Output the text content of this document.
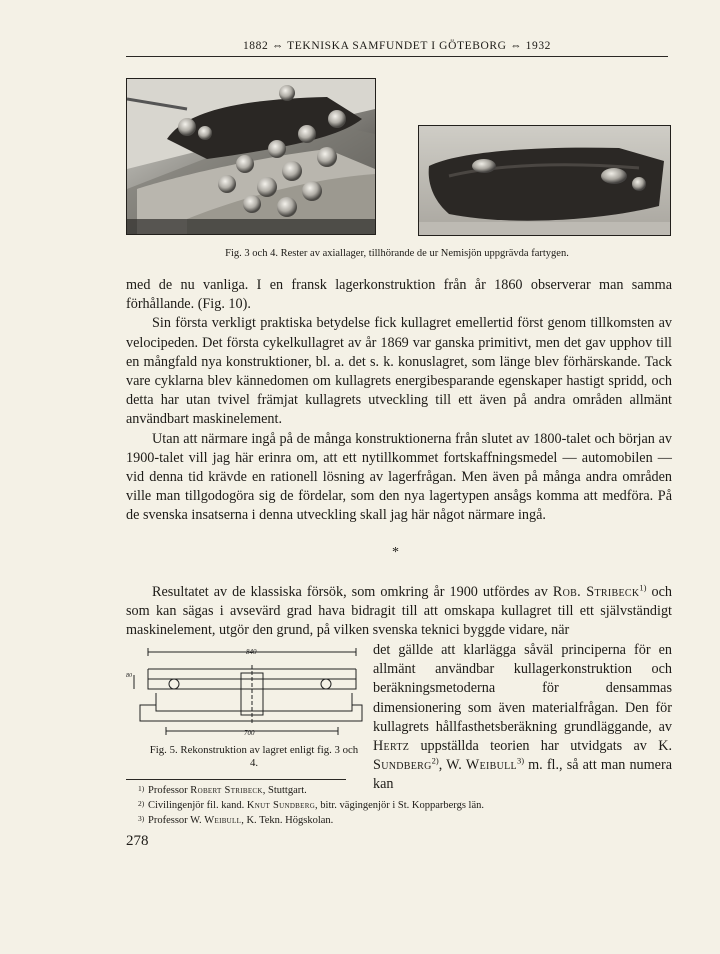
1882 ⇔ TEKNISKA SAMFUNDET I GÖTEBORG ⇔ 1932
Fig. 3 och 4. Rester av axiallager, tillhörande de ur Nemisjön uppgrävda fartygen.

med de nu vanliga. I en fransk lagerkonstruktion från år 1860 observerar man samma förhållande. (Fig. 10).

Sin första verkligt praktiska betydelse fick kullagret emellertid först genom tillkomsten av velocipeden. Det första cykelkullagret av år 1869 var ganska primitivt, men det gav upphov till en mångfald nya konstruktioner, bl. a. det s. k. konuslagret, som länge blev förhärskande. Tack vare cyklarna blev kännedomen om kullagrets energibesparande egenskaper hastigt spridd, och detta har utan tvivel främjat kullagrets utveckling till ett även på andra områden allmänt användbart maskinelement.

Utan att närmare ingå på de många konstruktionerna från slutet av 1800-talet och början av 1900-talet vill jag här erinra om, att ett nytillkommet fortskaffningsmedel — automobilen — vid denna tid krävde en rationell lösning av lagerfrågan. Men även på många andra områden ville man tillgodogöra sig de fördelar, som den nya lagertypen ansågs komma att medföra. På de svenska insatserna i denna utveckling skall jag här något närmare ingå.

*

Resultatet av de klassiska försök, som omkring år 1900 utfördes av Rob. Stribeck$^{1)}$ och som kan sägas i avsevärd grad hava bidragit till att omskapa kullagret till ett självständigt maskinelement, utgör den grund, på vilken svenska teknici byggde vidare, när

det gällde att klarlägga såväl principerna för en allmänt användbar kullagerkonstruktion och beräkningsmetoderna för densammas dimensionering som även materialfrågan. Den för kullagrets hållfasthetsberäkning grundläggande, av Hertz uppställda teorien har utvidgats av K. Sundberg$^{2)}$, W. Weibull$^{3)}$ m. fl., så att man numera kan

840
80
700
Fig. 5. Rekonstruktion av lagret enligt fig. 3 och 4.
1) Professor Robert Stribeck, Stuttgart.
2) Civilingenjör fil. kand. Knut Sundberg, bitr. vägingenjör i St. Kopparbergs län.
3) Professor W. Weibull, K. Tekn. Högskolan.
278
